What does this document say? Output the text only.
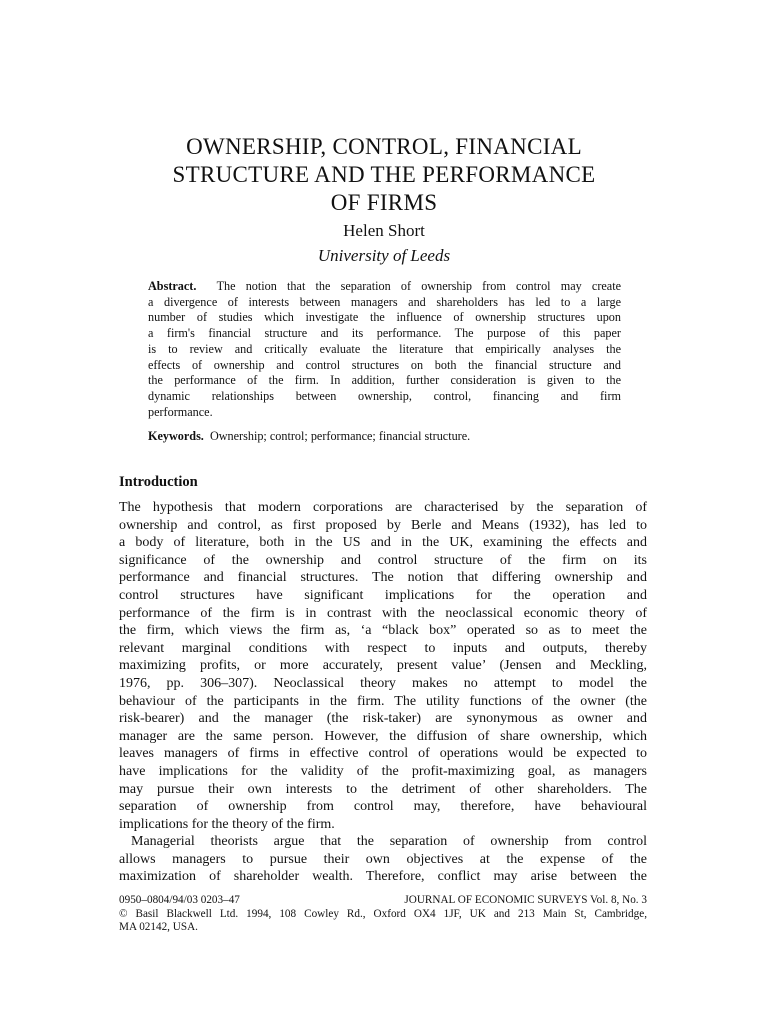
OWNERSHIP, CONTROL, FINANCIAL
STRUCTURE AND THE PERFORMANCE
OF FIRMS
Helen Short
University of Leeds
Abstract. The notion that the separation of ownership from control may create
a divergence of interests between managers and shareholders has led to a large
number of studies which investigate the influence of ownership structures upon
a firm's financial structure and its performance. The purpose of this paper
is to review and critically evaluate the literature that empirically analyses the
effects of ownership and control structures on both the financial structure and
the performance of the firm. In addition, further consideration is given to the
dynamic relationships between ownership, control, financing and firm
performance.
Keywords. Ownership; control; performance; financial structure.
Introduction
The hypothesis that modern corporations are characterised by the separation of
ownership and control, as first proposed by Berle and Means (1932), has led to
a body of literature, both in the US and in the UK, examining the effects and
significance of the ownership and control structure of the firm on its
performance and financial structures. The notion that differing ownership and
control structures have significant implications for the operation and
performance of the firm is in contrast with the neoclassical economic theory of
the firm, which views the firm as, ‘a “black box” operated so as to meet the
relevant marginal conditions with respect to inputs and outputs, thereby
maximizing profits, or more accurately, present value’ (Jensen and Meckling,
1976, pp. 306–307). Neoclassical theory makes no attempt to model the
behaviour of the participants in the firm. The utility functions of the owner (the
risk-bearer) and the manager (the risk-taker) are synonymous as owner and
manager are the same person. However, the diffusion of share ownership, which
leaves managers of firms in effective control of operations would be expected to
have implications for the validity of the profit-maximizing goal, as managers
may pursue their own interests to the detriment of other shareholders. The
separation of ownership from control may, therefore, have behavioural
implications for the theory of the firm.
Managerial theorists argue that the separation of ownership from control
allows managers to pursue their own objectives at the expense of the
maximization of shareholder wealth. Therefore, conflict may arise between the
0950–0804/94/03 0203–47	JOURNAL OF ECONOMIC SURVEYS Vol. 8, No. 3
© Basil Blackwell Ltd. 1994, 108 Cowley Rd., Oxford OX4 1JF, UK and 213 Main St, Cambridge,
MA 02142, USA.
